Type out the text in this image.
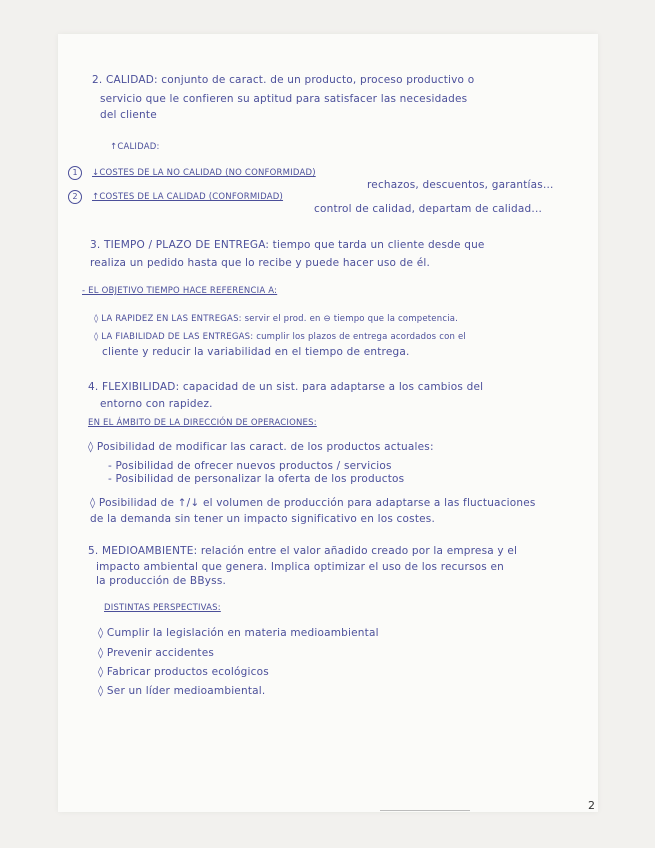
2. CALIDAD: conjunto de caract. de un producto, proceso productivo o
servicio que le confieren su aptitud para satisfacer las necesidades
del cliente
↑CALIDAD:
1	↓COSTES DE LA NO CALIDAD (NO CONFORMIDAD)
rechazos, descuentos, garantías...
2	↑COSTES DE LA CALIDAD (CONFORMIDAD)
control de calidad, departam de calidad...
3. TIEMPO / PLAZO DE ENTREGA: tiempo que tarda un cliente desde que
realiza un pedido hasta que lo recibe y puede hacer uso de él.
- EL OBJETIVO TIEMPO HACE REFERENCIA A:
◊ LA RAPIDEZ EN LAS ENTREGAS: servir el prod. en ⊖ tiempo que la competencia.
◊ LA FIABILIDAD DE LAS ENTREGAS: cumplir los plazos de entrega acordados con el
cliente y reducir la variabilidad en el tiempo de entrega.
4. FLEXIBILIDAD: capacidad de un sist. para adaptarse a los cambios del
entorno con rapidez.
EN EL ÁMBITO DE LA DIRECCIÓN DE OPERACIONES:
◊ Posibilidad de modificar las caract. de los productos actuales:
- Posibilidad de ofrecer nuevos productos / servicios
- Posibilidad de personalizar la oferta de los productos
◊ Posibilidad de ↑/↓ el volumen de producción para adaptarse a las fluctuaciones
de la demanda sin tener un impacto significativo en los costes.
5. MEDIOAMBIENTE: relación entre el valor añadido creado por la empresa y el
impacto ambiental que genera. Implica optimizar el uso de los recursos en
la producción de BByss.
DISTINTAS PERSPECTIVAS:
◊ Cumplir la legislación en materia medioambiental
◊ Prevenir accidentes
◊ Fabricar productos ecológicos
◊ Ser un líder medioambiental.
2
